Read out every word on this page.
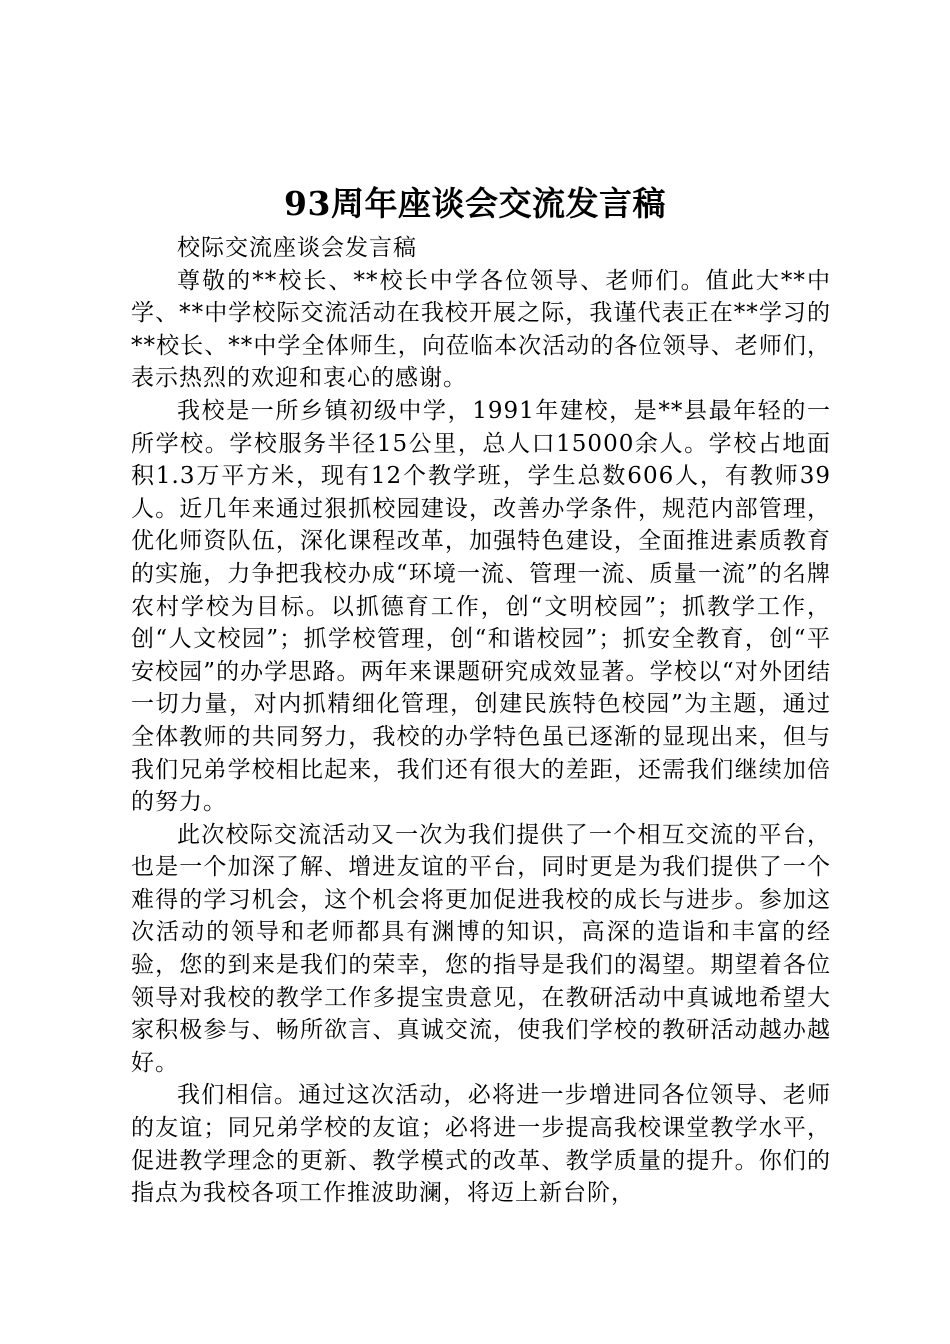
93周年座谈会交流发言稿

校际交流座谈会发言稿

尊敬的**校长、**校长中学各位领导、老师们。值此大**中学、**中学校际交流活动在我校开展之际，我谨代表正在**学习的**校长、**中学全体师生，向莅临本次活动的各位领导、老师们，表示热烈的欢迎和衷心的感谢。

我校是一所乡镇初级中学，1991年建校，是**县最年轻的一所学校。学校服务半径15公里，总人口15000余人。学校占地面积1.3万平方米，现有12个教学班，学生总数606人，有教师39人。近几年来通过狠抓校园建设，改善办学条件，规范内部管理，优化师资队伍，深化课程改革，加强特色建设，全面推进素质教育的实施，力争把我校办成“环境一流、管理一流、质量一流”的名牌农村学校为目标。以抓德育工作，创“文明校园”；抓教学工作，创“人文校园”；抓学校管理，创“和谐校园”；抓安全教育，创“平安校园”的办学思路。两年来课题研究成效显著。学校以“对外团结一切力量，对内抓精细化管理，创建民族特色校园”为主题，通过全体教师的共同努力，我校的办学特色虽已逐渐的显现出来，但与我们兄弟学校相比起来，我们还有很大的差距，还需我们继续加倍的努力。

此次校际交流活动又一次为我们提供了一个相互交流的平台，也是一个加深了解、增进友谊的平台，同时更是为我们提供了一个难得的学习机会，这个机会将更加促进我校的成长与进步。参加这次活动的领导和老师都具有渊博的知识，高深的造诣和丰富的经验，您的到来是我们的荣幸，您的指导是我们的渴望。期望着各位领导对我校的教学工作多提宝贵意见，在教研活动中真诚地希望大家积极参与、畅所欲言、真诚交流，使我们学校的教研活动越办越好。

我们相信。通过这次活动，必将进一步增进同各位领导、老师的友谊；同兄弟学校的友谊；必将进一步提高我校课堂教学水平，促进教学理念的更新、教学模式的改革、教学质量的提升。你们的指点为我校各项工作推波助澜，将迈上新台阶，
